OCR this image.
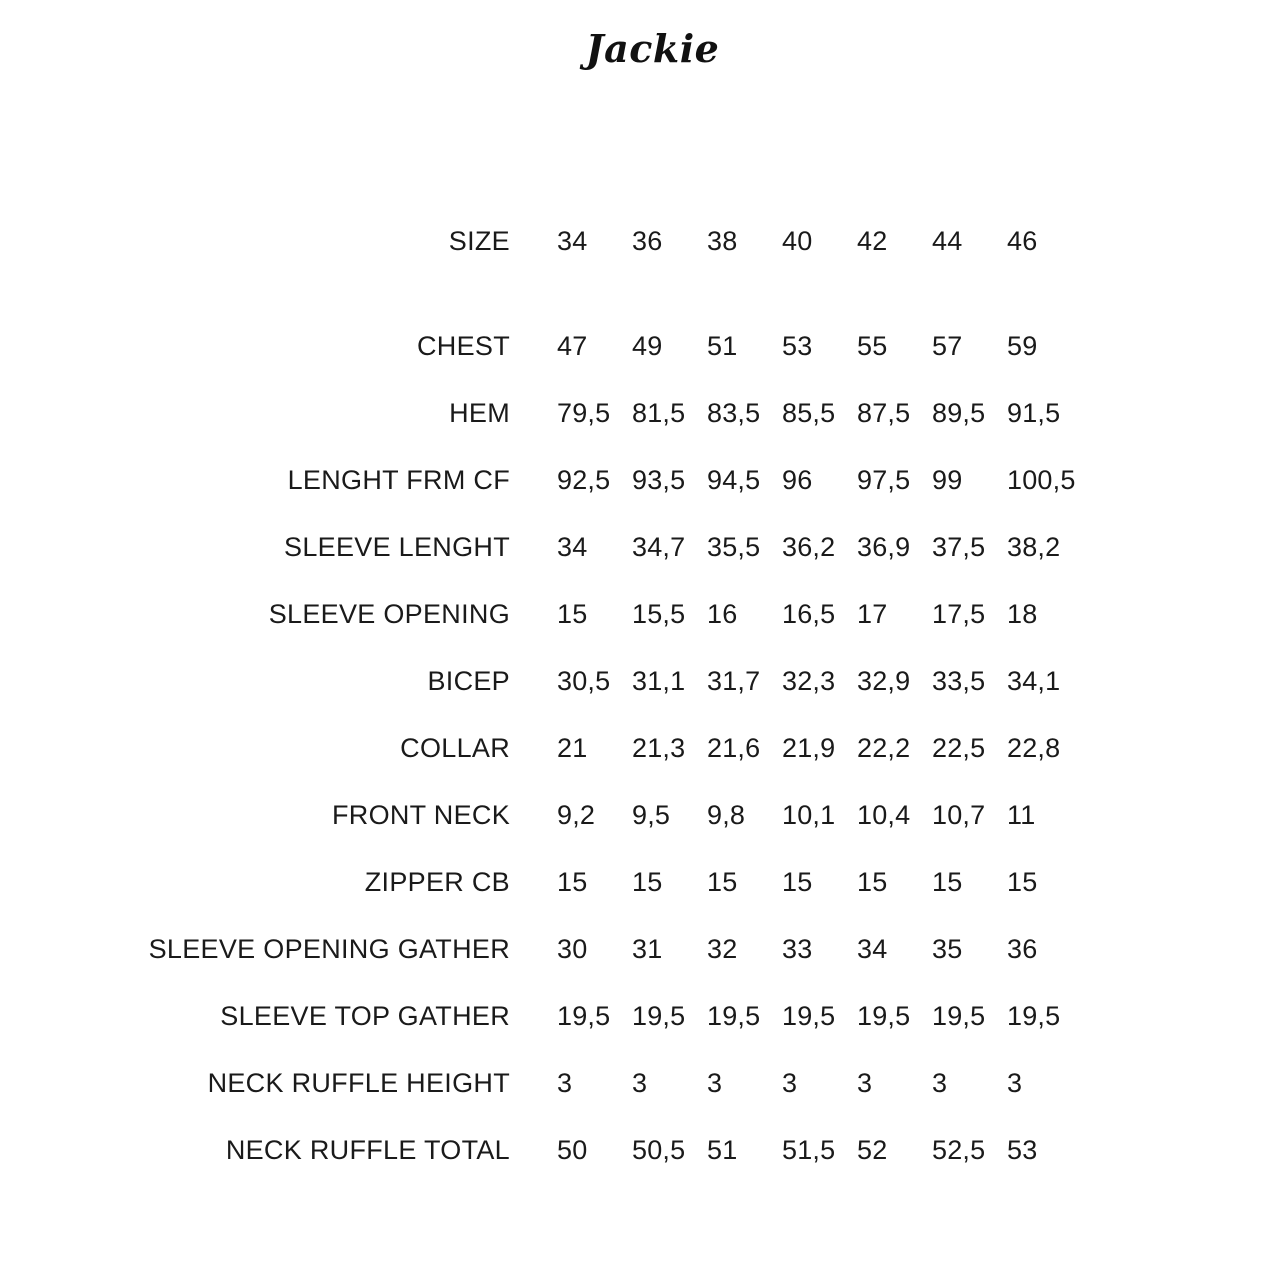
Jackie
SIZE 34 36 38 40 42 44 46
CHEST 47 49 51 53 55 57 59
HEM 79,5 81,5 83,5 85,5 87,5 89,5 91,5
LENGHT FRM CF 92,5 93,5 94,5 96 97,5 99 100,5
SLEEVE LENGHT 34 34,7 35,5 36,2 36,9 37,5 38,2
SLEEVE OPENING 15 15,5 16 16,5 17 17,5 18
BICEP 30,5 31,1 31,7 32,3 32,9 33,5 34,1
COLLAR 21 21,3 21,6 21,9 22,2 22,5 22,8
FRONT NECK 9,2 9,5 9,8 10,1 10,4 10,7 11
ZIPPER CB 15 15 15 15 15 15 15
SLEEVE OPENING GATHER 30 31 32 33 34 35 36
SLEEVE TOP GATHER 19,5 19,5 19,5 19,5 19,5 19,5 19,5
NECK RUFFLE HEIGHT 3 3 3 3 3 3 3
NECK RUFFLE TOTAL 50 50,5 51 51,5 52 52,5 53
